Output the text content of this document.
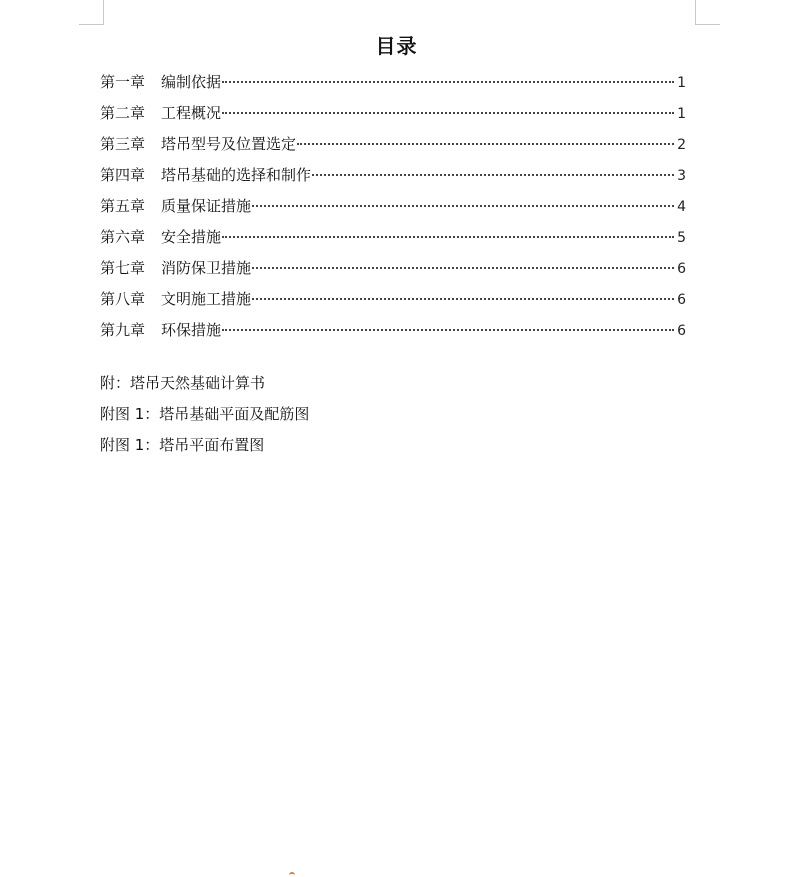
目录
第一章 编制依据	1
第二章 工程概况	1
第三章 塔吊型号及位置选定	2
第四章 塔吊基础的选择和制作	3
第五章 质量保证措施	4
第六章 安全措施	5
第七章 消防保卫措施	6
第八章 文明施工措施	6
第九章 环保措施	6
附：塔吊天然基础计算书
附图 1：塔吊基础平面及配筋图
附图 1：塔吊平面布置图
